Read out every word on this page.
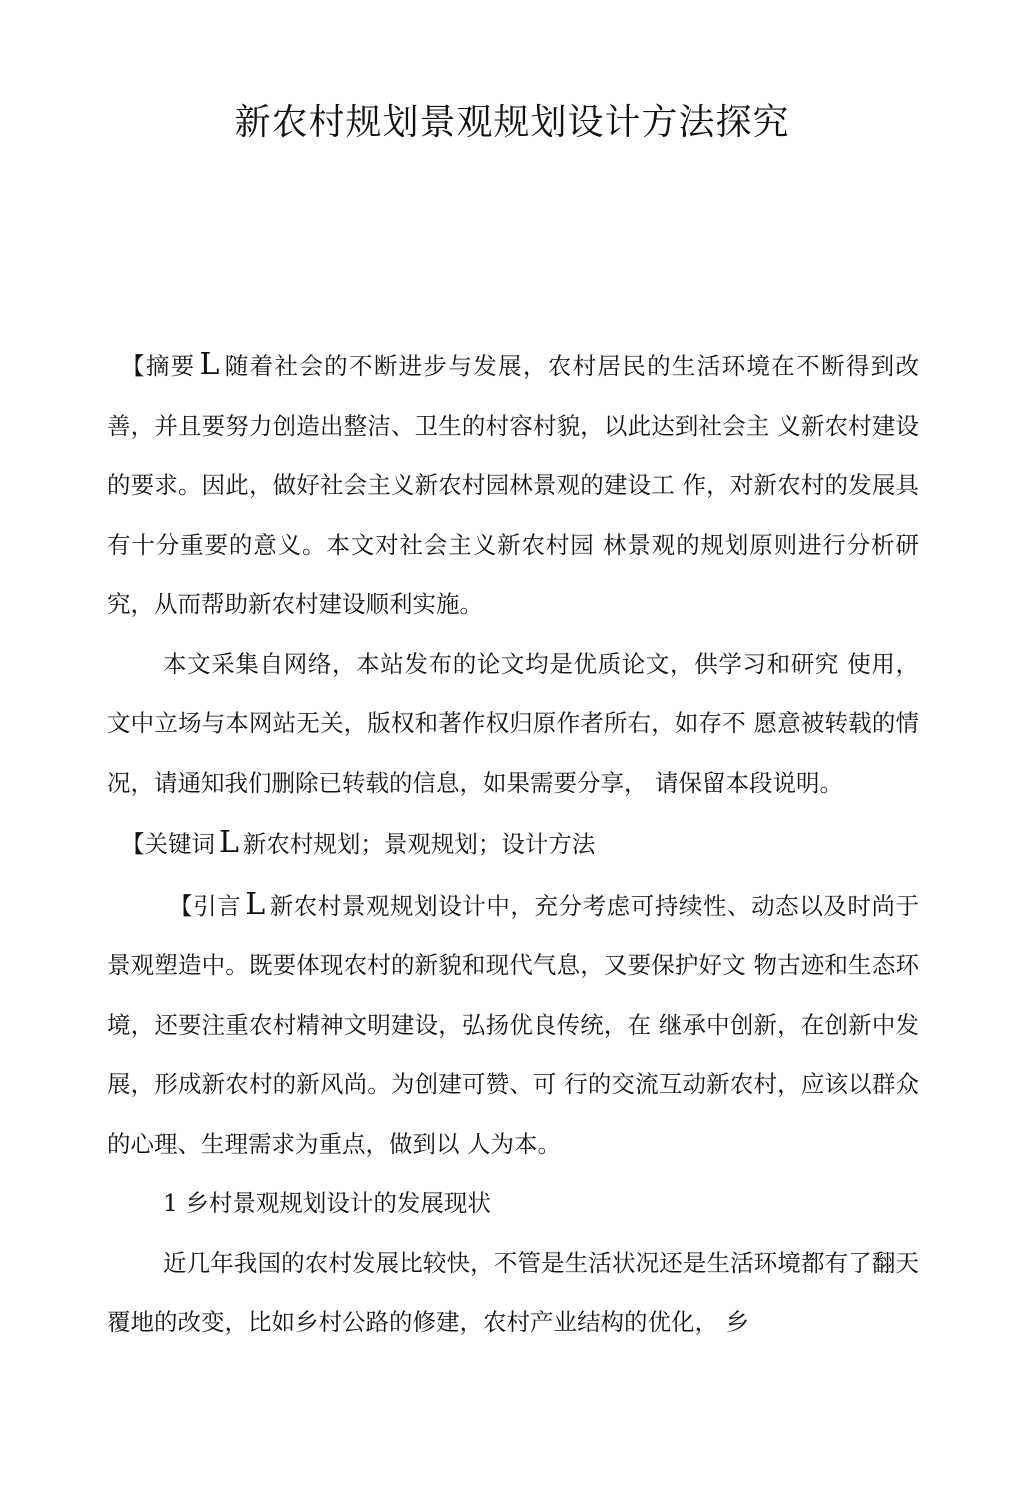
新农村规划景观规划设计方法探究

【摘要 L 随着社会的不断进步与发展，农村居民的生活环境在不断得到改善，并且要努力创造出整洁、卫生的村容村貌，以此达到社会主 义新农村建设的要求。因此，做好社会主义新农村园林景观的建设工 作，对新农村的发展具有十分重要的意义。本文对社会主义新农村园 林景观的规划原则进行分析研究，从而帮助新农村建设顺利实施。

本文采集自网络，本站发布的论文均是优质论文，供学习和研究 使用，文中立场与本网站无关，版权和著作权归原作者所右，如存不 愿意被转载的情况，请通知我们删除已转载的信息，如果需要分享， 请保留本段说明。

【关键词 L 新农村规划；景观规划；设计方法

【引言 L 新农村景观规划设计中，充分考虑可持续性、动态以及时尚于景观塑造中。既要体现农村的新貌和现代气息，又要保护好文 物古迹和生态环境，还要注重农村精神文明建设，弘扬优良传统，在 继承中创新，在创新中发展，形成新农村的新风尚。为创建可赞、可 行的交流互动新农村，应该以群众的心理、生理需求为重点，做到以 人为本。

1 乡村景观规划设计的发展现状

近几年我国的农村发展比较快，不管是生活状况还是生活环境都有了翻天覆地的改变，比如乡村公路的修建，农村产业结构的优化， 乡
